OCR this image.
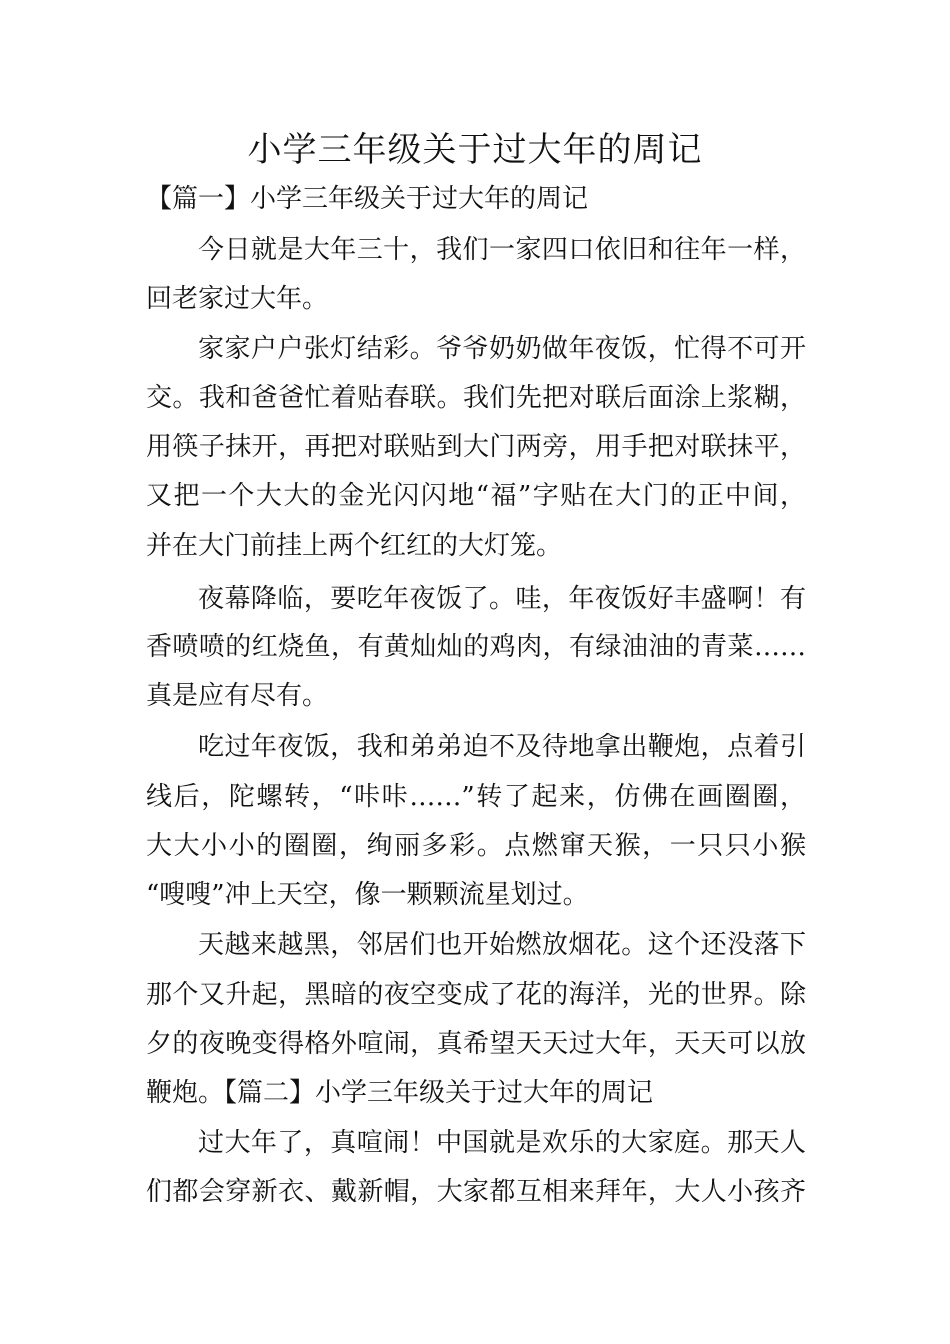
小学三年级关于过大年的周记
【篇一】小学三年级关于过大年的周记
今日就是大年三十，我们一家四口依旧和往年一样，
回老家过大年。
家家户户张灯结彩。爷爷奶奶做年夜饭，忙得不可开
交。我和爸爸忙着贴春联。我们先把对联后面涂上浆糊，
用筷子抹开，再把对联贴到大门两旁，用手把对联抹平，
又把一个大大的金光闪闪地“福”字贴在大门的正中间，
并在大门前挂上两个红红的大灯笼。
夜幕降临，要吃年夜饭了。哇，年夜饭好丰盛啊！有
香喷喷的红烧鱼，有黄灿灿的鸡肉，有绿油油的青菜……
真是应有尽有。
吃过年夜饭，我和弟弟迫不及待地拿出鞭炮，点着引
线后，陀螺转，“咔咔……”转了起来，仿佛在画圈圈，
大大小小的圈圈，绚丽多彩。点燃窜天猴，一只只小猴
“嗖嗖”冲上天空，像一颗颗流星划过。
天越来越黑，邻居们也开始燃放烟花。这个还没落下
那个又升起，黑暗的夜空变成了花的海洋，光的世界。除
夕的夜晚变得格外喧闹，真希望天天过大年，天天可以放
鞭炮。【篇二】小学三年级关于过大年的周记
过大年了，真喧闹！中国就是欢乐的大家庭。那天人
们都会穿新衣、戴新帽，大家都互相来拜年，大人小孩齐
